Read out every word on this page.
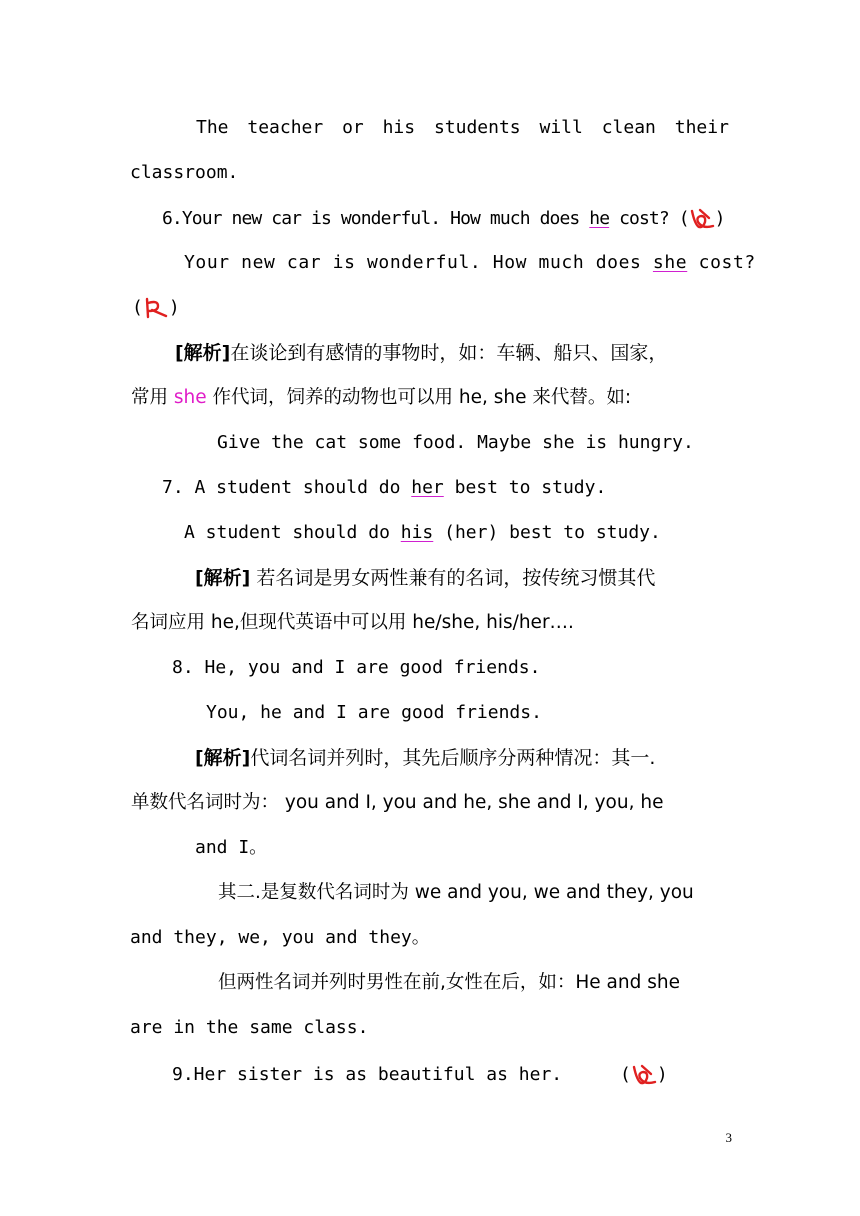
The teacher or his students will clean their
classroom.
6.Your new car is wonderful. How much does he cost? ( )
Your new car is wonderful. How much does she cost?
( )
[解析]在谈论到有感情的事物时，如：车辆、船只、国家，
常用 she 作代词，饲养的动物也可以用 he, she 来代替。如:
Give the cat some food. Maybe she is hungry.
7. A student should do her best to study.
A student should do his (her) best to study.
[解析] 若名词是男女两性兼有的名词，按传统习惯其代
名词应用 he,但现代英语中可以用 he/she, his/her….
8. He, you and I are good friends.
You, he and I are good friends.
[解析]代词名词并列时，其先后顺序分两种情况：其一.
单数代名词时为： you and I, you and he, she and I, you, he
and I。
其二.是复数代名词时为 we and you, we and they, you
and they, we, you and they。
但两性名词并列时男性在前,女性在后，如：He and she
are in the same class.
9.Her sister is as beautiful as her.	( )
3
